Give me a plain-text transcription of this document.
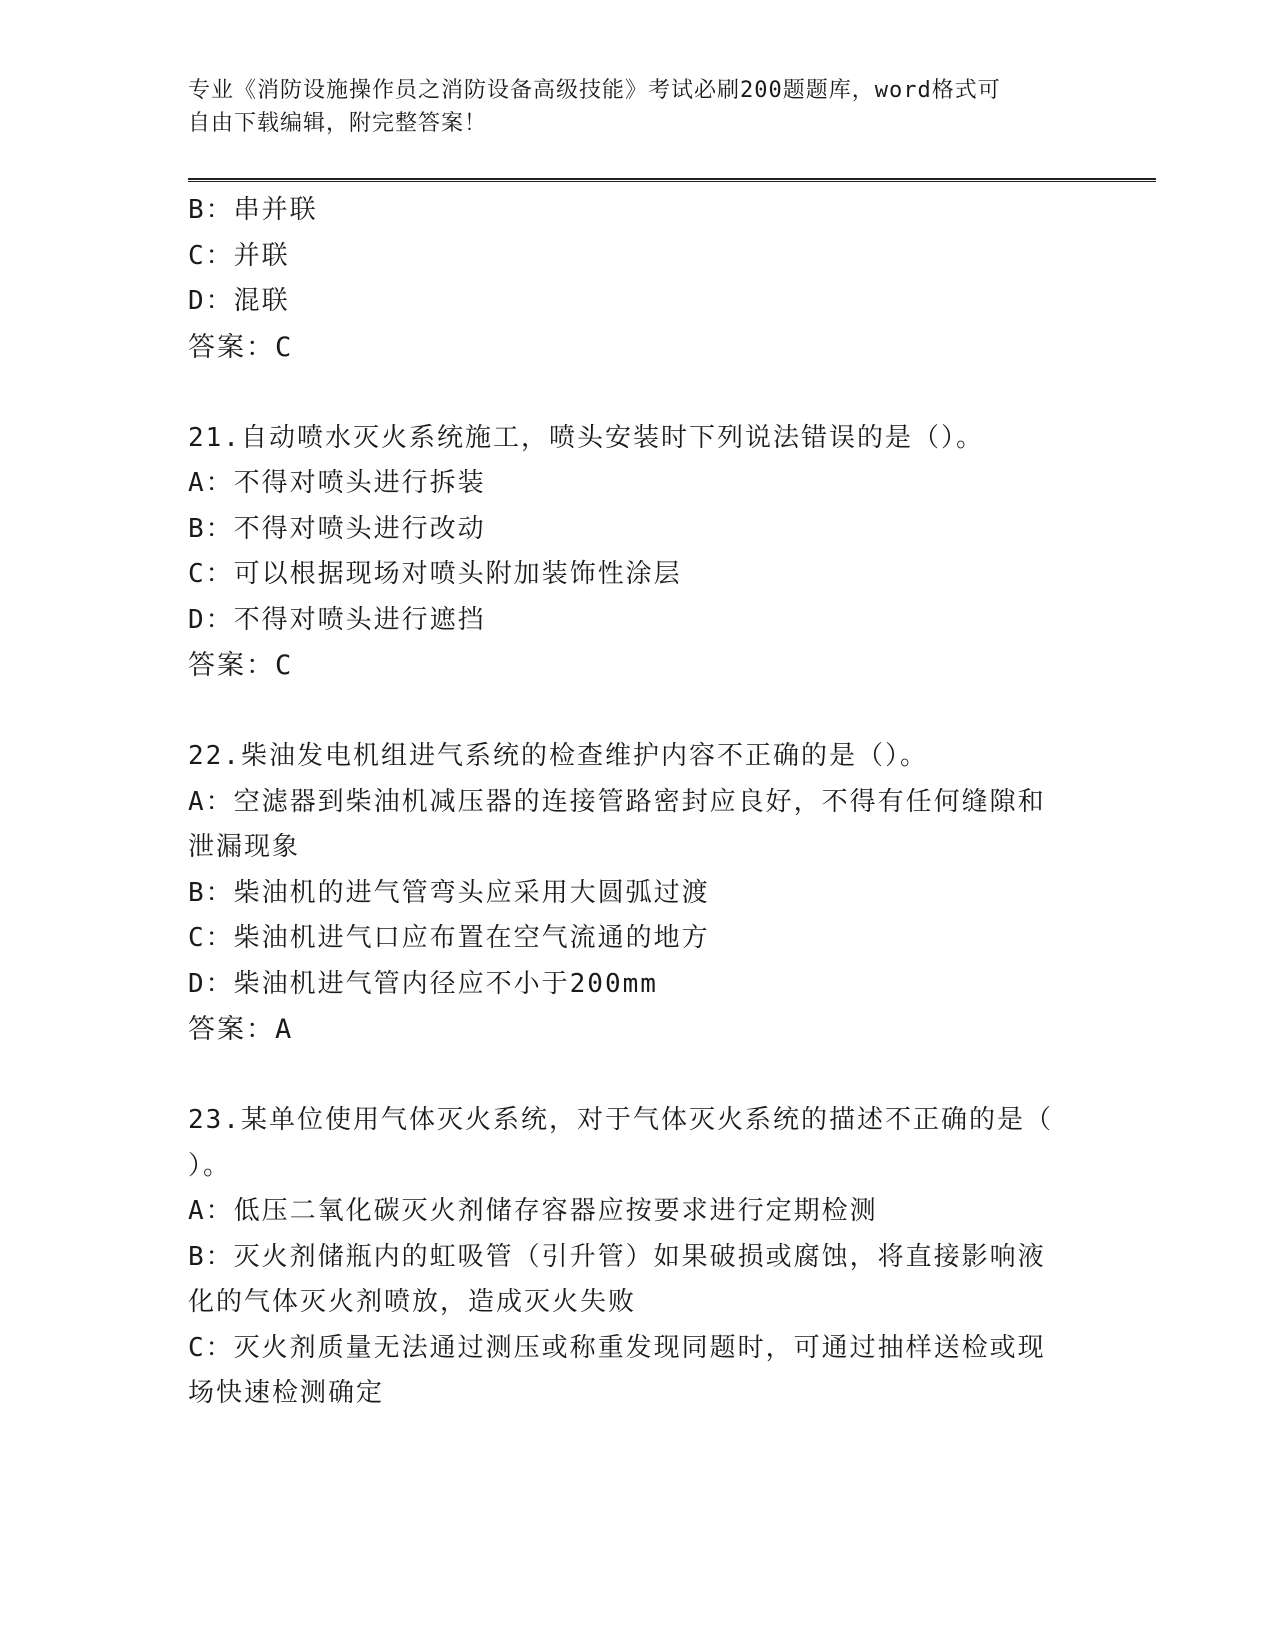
专业《消防设施操作员之消防设备高级技能》考试必刷200题题库，word格式可
自由下载编辑，附完整答案！
B：串并联
C：并联
D：混联
答案：C
21.自动喷水灭火系统施工，喷头安装时下列说法错误的是（）。
A：不得对喷头进行拆装
B：不得对喷头进行改动
C：可以根据现场对喷头附加装饰性涂层
D：不得对喷头进行遮挡
答案：C
22.柴油发电机组进气系统的检查维护内容不正确的是（）。
A：空滤器到柴油机减压器的连接管路密封应良好，不得有任何缝隙和
泄漏现象
B：柴油机的进气管弯头应采用大圆弧过渡
C：柴油机进气口应布置在空气流通的地方
D：柴油机进气管内径应不小于200mm
答案：A
23.某单位使用气体灭火系统，对于气体灭火系统的描述不正确的是（
）。
A：低压二氧化碳灭火剂储存容器应按要求进行定期检测
B：灭火剂储瓶内的虹吸管（引升管）如果破损或腐蚀，将直接影响液
化的气体灭火剂喷放，造成灭火失败
C：灭火剂质量无法通过测压或称重发现同题时，可通过抽样送检或现
场快速检测确定
